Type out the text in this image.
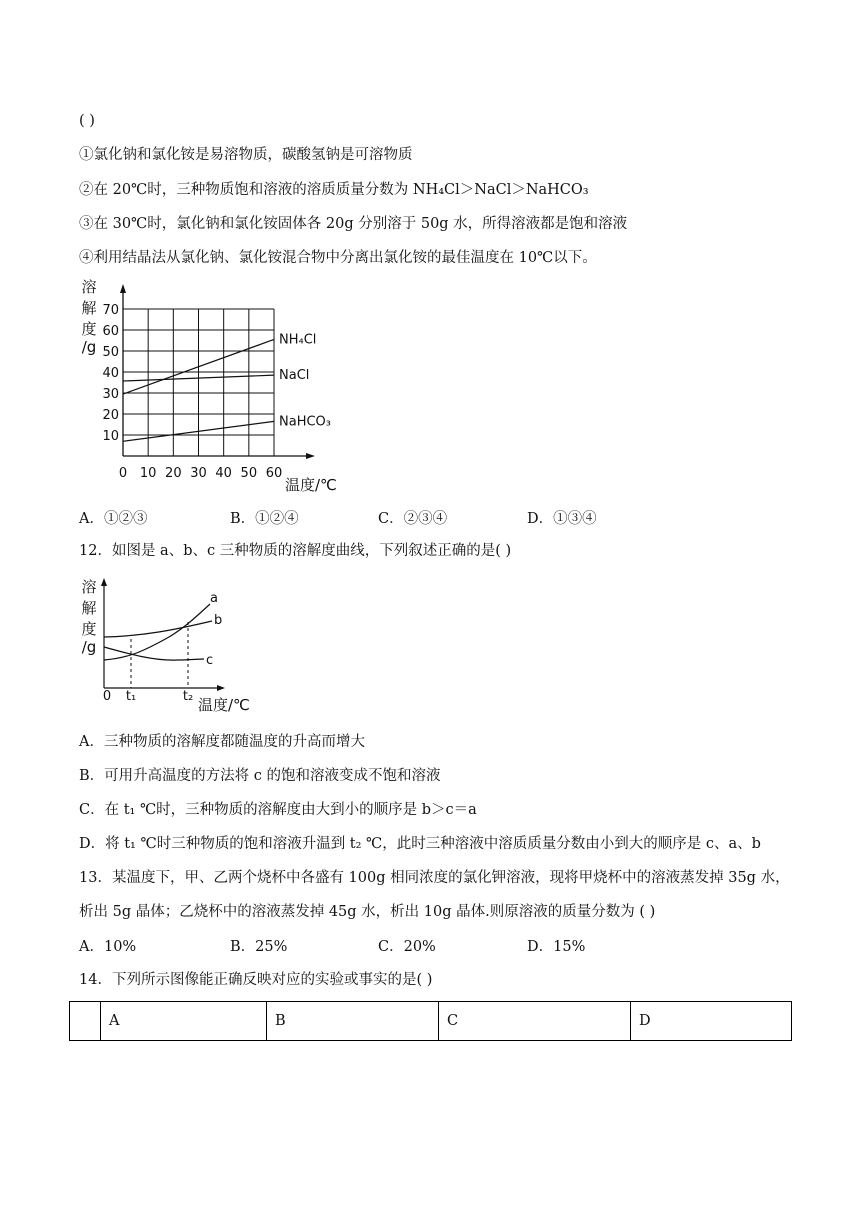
( )
①氯化钠和氯化铵是易溶物质，碳酸氢钠是可溶物质
②在 20℃时，三种物质饱和溶液的溶质质量分数为 NH₄Cl＞NaCl＞NaHCO₃
③在 30℃时，氯化钠和氯化铵固体各 20g 分别溶于 50g 水，所得溶液都是饱和溶液
④利用结晶法从氯化钠、氯化铵混合物中分离出氯化铵的最佳温度在 10℃以下。
溶
解
度
/g	NH₄Cl
NaCl
NaHCO₃
0 10 20 30 40 50 60
10
20
30
40
50
60
70
温度/℃
A．①②③	B．①②④	C．②③④	D．①③④
12．如图是 a、b、c 三种物质的溶解度曲线，下列叙述正确的是( )
溶
解
度
/g
a
b
c
0 t₁	t₂ 温度/℃
A．三种物质的溶解度都随温度的升高而增大
B．可用升高温度的方法将 c 的饱和溶液变成不饱和溶液
C．在 t₁ ℃时，三种物质的溶解度由大到小的顺序是 b＞c＝a
D．将 t₁ ℃时三种物质的饱和溶液升温到 t₂ ℃，此时三种溶液中溶质质量分数由小到大的顺序是 c、a、b
13．某温度下，甲、乙两个烧杯中各盛有 100g 相同浓度的氯化钾溶液，现将甲烧杯中的溶液蒸发掉 35g 水，
析出 5g 晶体；乙烧杯中的溶液蒸发掉 45g 水，析出 10g 晶体.则原溶液的质量分数为 ( )
A．10%	B．25%	C．20%	D．15%
14．下列所示图像能正确反映对应的实验或事实的是( )
	A	B	C	D
